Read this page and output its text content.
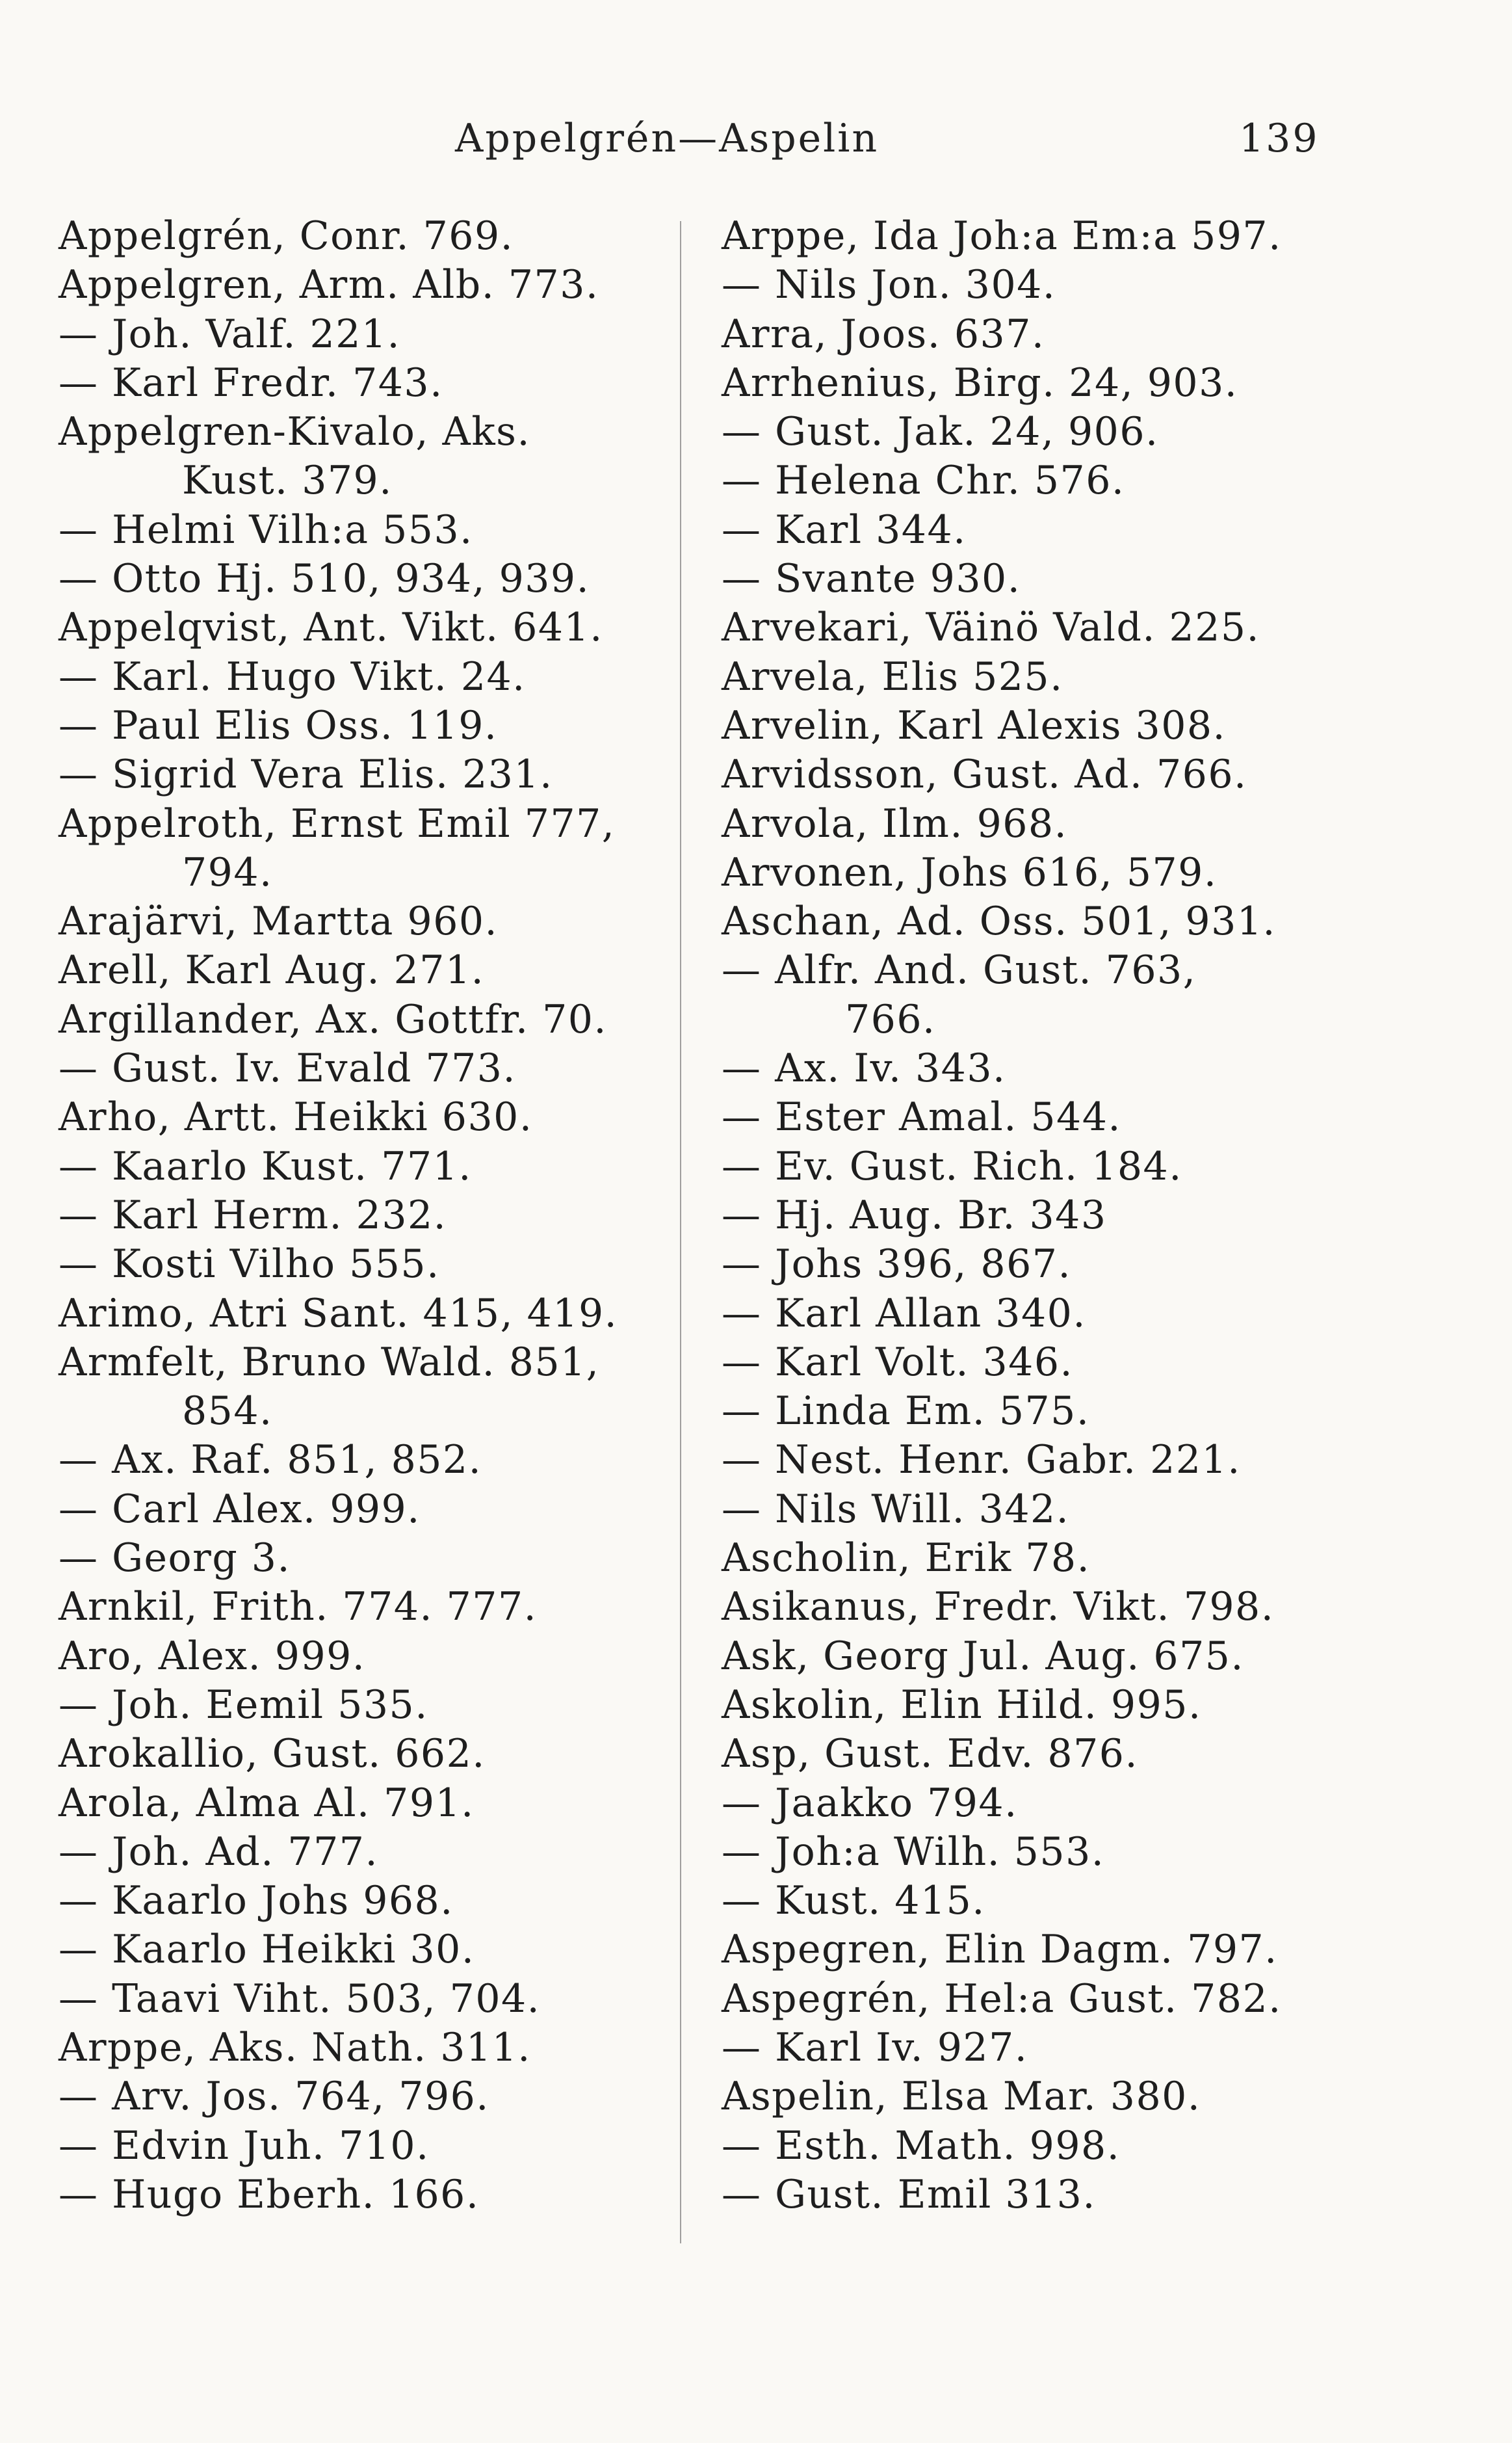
Appelgrén—Aspelin	139
Appelgrén, Conr. 769.
Appelgren, Arm. Alb. 773.
— Joh. Valf. 221.
— Karl Fredr. 743.
Appelgren-Kivalo, Aks.
Kust. 379.
— Helmi Vilh:a 553.
— Otto Hj. 510, 934, 939.
Appelqvist, Ant. Vikt. 641.
— Karl. Hugo Vikt. 24.
— Paul Elis Oss. 119.
— Sigrid Vera Elis. 231.
Appelroth, Ernst Emil 777,
794.
Arajärvi, Martta 960.
Arell, Karl Aug. 271.
Argillander, Ax. Gottfr. 70.
— Gust. Iv. Evald 773.
Arho, Artt. Heikki 630.
— Kaarlo Kust. 771.
— Karl Herm. 232.
— Kosti Vilho 555.
Arimo, Atri Sant. 415, 419.
Armfelt, Bruno Wald. 851,
854.
— Ax. Raf. 851, 852.
— Carl Alex. 999.
— Georg 3.
Arnkil, Frith. 774. 777.
Aro, Alex. 999.
— Joh. Eemil 535.
Arokallio, Gust. 662.
Arola, Alma Al. 791.
— Joh. Ad. 777.
— Kaarlo Johs 968.
— Kaarlo Heikki 30.
— Taavi Viht. 503, 704.
Arppe, Aks. Nath. 311.
— Arv. Jos. 764, 796.
— Edvin Juh. 710.
— Hugo Eberh. 166.
Arppe, Ida Joh:a Em:a 597.
— Nils Jon. 304.
Arra, Joos. 637.
Arrhenius, Birg. 24, 903.
— Gust. Jak. 24, 906.
— Helena Chr. 576.
— Karl 344.
— Svante 930.
Arvekari, Väinö Vald. 225.
Arvela, Elis 525.
Arvelin, Karl Alexis 308.
Arvidsson, Gust. Ad. 766.
Arvola, Ilm. 968.
Arvonen, Johs 616, 579.
Aschan, Ad. Oss. 501, 931.
— Alfr. And. Gust. 763,
766.
— Ax. Iv. 343.
— Ester Amal. 544.
— Ev. Gust. Rich. 184.
— Hj. Aug. Br. 343
— Johs 396, 867.
— Karl Allan 340.
— Karl Volt. 346.
— Linda Em. 575.
— Nest. Henr. Gabr. 221.
— Nils Will. 342.
Ascholin, Erik 78.
Asikanus, Fredr. Vikt. 798.
Ask, Georg Jul. Aug. 675.
Askolin, Elin Hild. 995.
Asp, Gust. Edv. 876.
— Jaakko 794.
— Joh:a Wilh. 553.
— Kust. 415.
Aspegren, Elin Dagm. 797.
Aspegrén, Hel:a Gust. 782.
— Karl Iv. 927.
Aspelin, Elsa Mar. 380.
— Esth. Math. 998.
— Gust. Emil 313.
